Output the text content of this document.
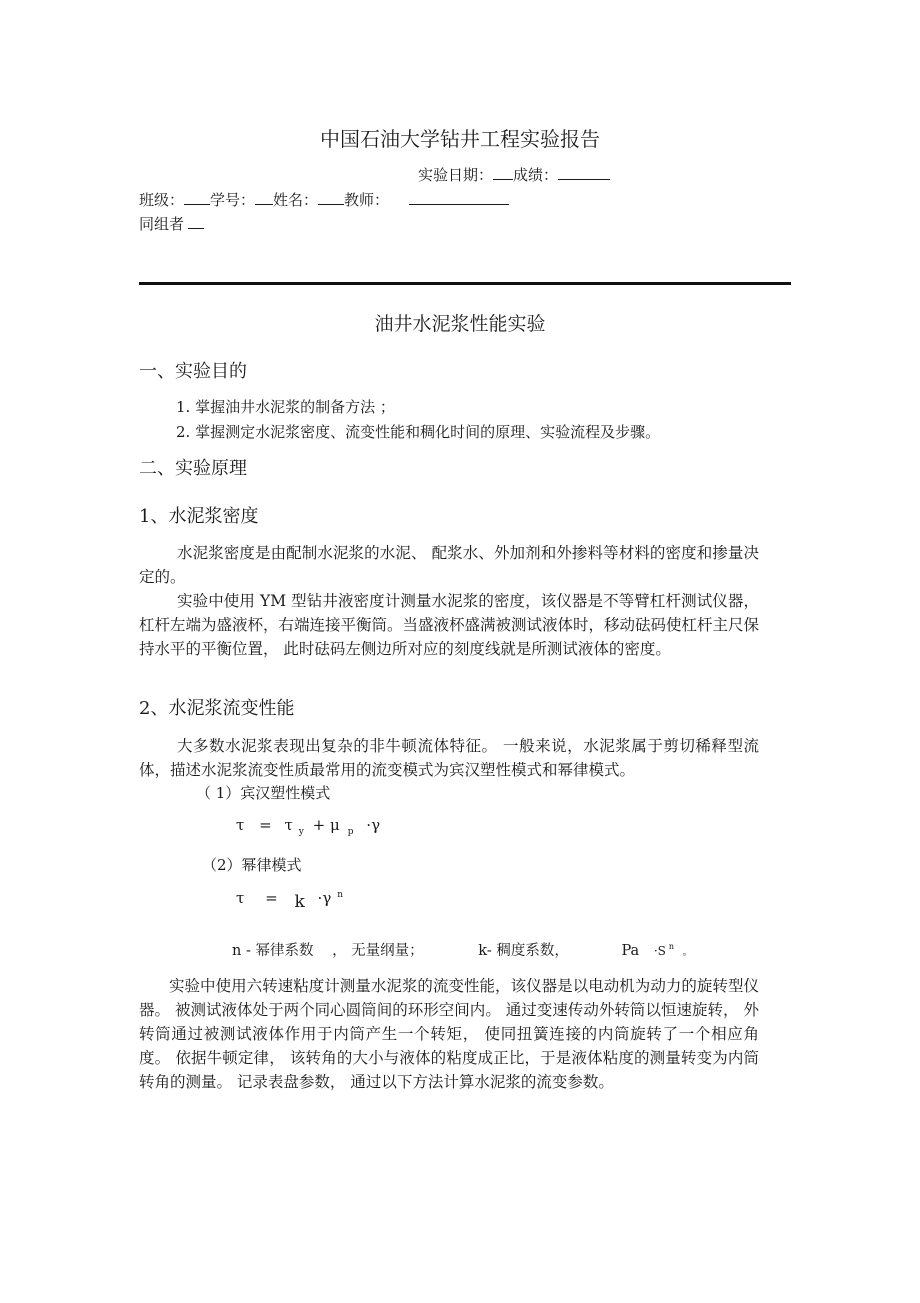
中国石油大学钻井工程实验报告
实验日期： 成绩：
班级： 学号： 姓名： 教师：
同组者
油井水泥浆性能实验
一、实验目的
1. 掌握油井水泥浆的制备方法 ；
2. 掌握测定水泥浆密度、流变性能和稠化时间的原理、实验流程及步骤。
二、实验原理
1、水泥浆密度

水泥浆密度是由配制水泥浆的水泥、 配浆水、外加剂和外掺料等材料的密度和掺量决定的。

实验中使用 YM 型钻井液密度计测量水泥浆的密度，该仪器是不等臂杠杆测试仪器，杠杆左端为盛液杯，右端连接平衡筒。当盛液杯盛满被测试液体时，移动砝码使杠杆主尺保持水平的平衡位置， 此时砝码左侧边所对应的刻度线就是所测试液体的密度。

2、水泥浆流变性能

大多数水泥浆表现出复杂的非牛顿流体特征。 一般来说，水泥浆属于剪切稀释型流体，描述水泥浆流变性质最常用的流变模式为宾汉塑性模式和幂律模式。

（ 1）宾汉塑性模式
τ = τ $_y$ + μ $_p$ ·γ
（2）幂律模式
τ = k ·γ $^n$
n - 幂律系数 ， 无量纲量；	k- 稠度系数，	Pa ·S $^n$ 。

实验中使用六转速粘度计测量水泥浆的流变性能，该仪器是以电动机为动力的旋转型仪器。 被测试液体处于两个同心圆筒间的环形空间内。 通过变速传动外转筒以恒速旋转， 外转筒通过被测试液体作用于内筒产生一个转矩， 使同扭簧连接的内筒旋转了一个相应角度。 依据牛顿定律， 该转角的大小与液体的粘度成正比，于是液体粘度的测量转变为内筒转角的测量。 记录表盘参数， 通过以下方法计算水泥浆的流变参数。
